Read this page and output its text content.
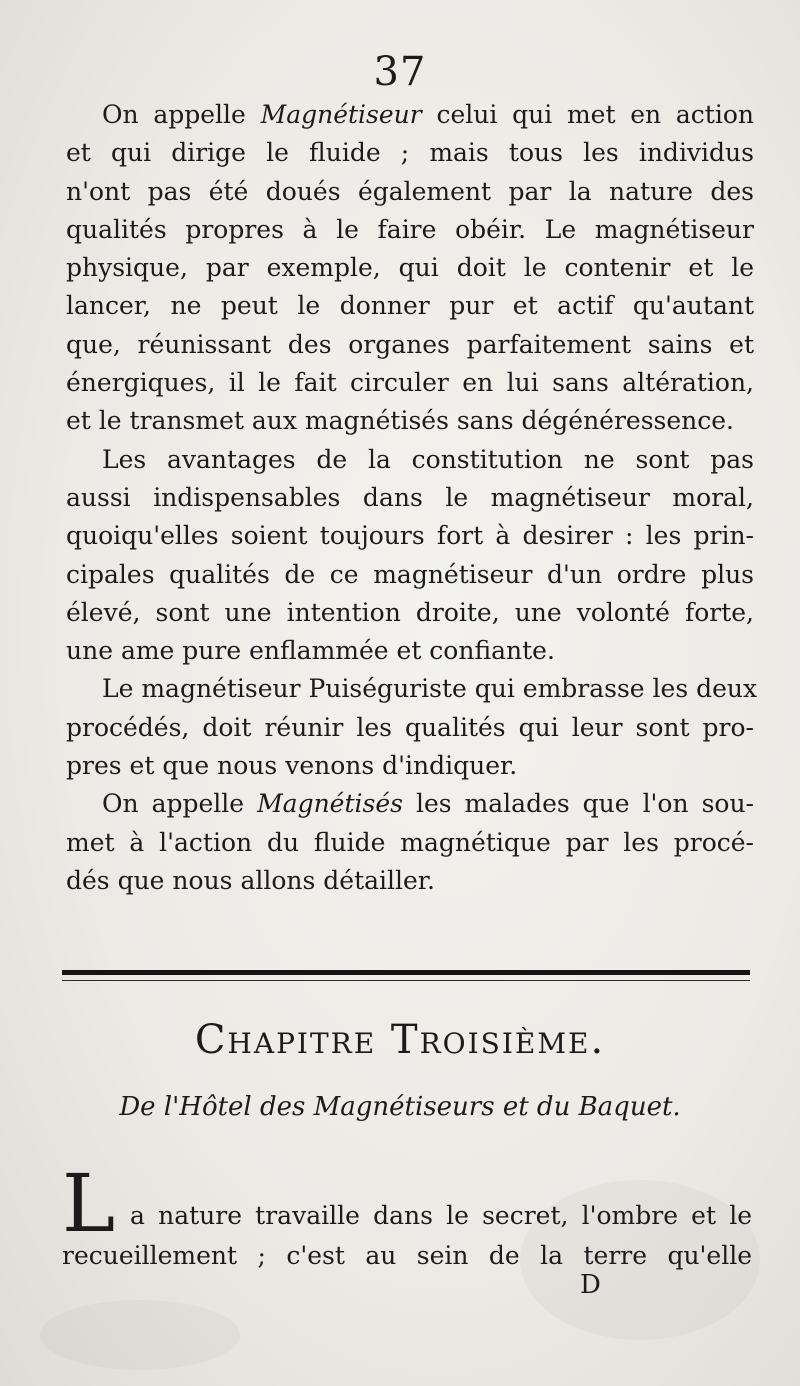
37

On appelle Magnétiseur celui qui met en action
et qui dirige le fluide ; mais tous les individus
n'ont pas été doués également par la nature des
qualités propres à le faire obéir. Le magnétiseur
physique, par exemple, qui doit le contenir et le
lancer, ne peut le donner pur et actif qu'autant
que, réunissant des organes parfaitement sains et
énergiques, il le fait circuler en lui sans altération,
et le transmet aux magnétisés sans dégénéressence.

Les avantages de la constitution ne sont pas
aussi indispensables dans le magnétiseur moral,
quoiqu'elles soient toujours fort à desirer : les prin-
cipales qualités de ce magnétiseur d'un ordre plus
élevé, sont une intention droite, une volonté forte,
une ame pure enflammée et confiante.

Le magnétiseur Puiséguriste qui embrasse les deux
procédés, doit réunir les qualités qui leur sont pro-
pres et que nous venons d'indiquer.

On appelle Magnétisés les malades que l'on sou-
met à l'action du fluide magnétique par les procé-
dés que nous allons détailler.

Chapitre Troisième.
De l'Hôtel des Magnétiseurs et du Baquet.
L a nature travaille dans le secret, l'ombre et le
recueillement ; c'est au sein de la terre qu'elle
D
